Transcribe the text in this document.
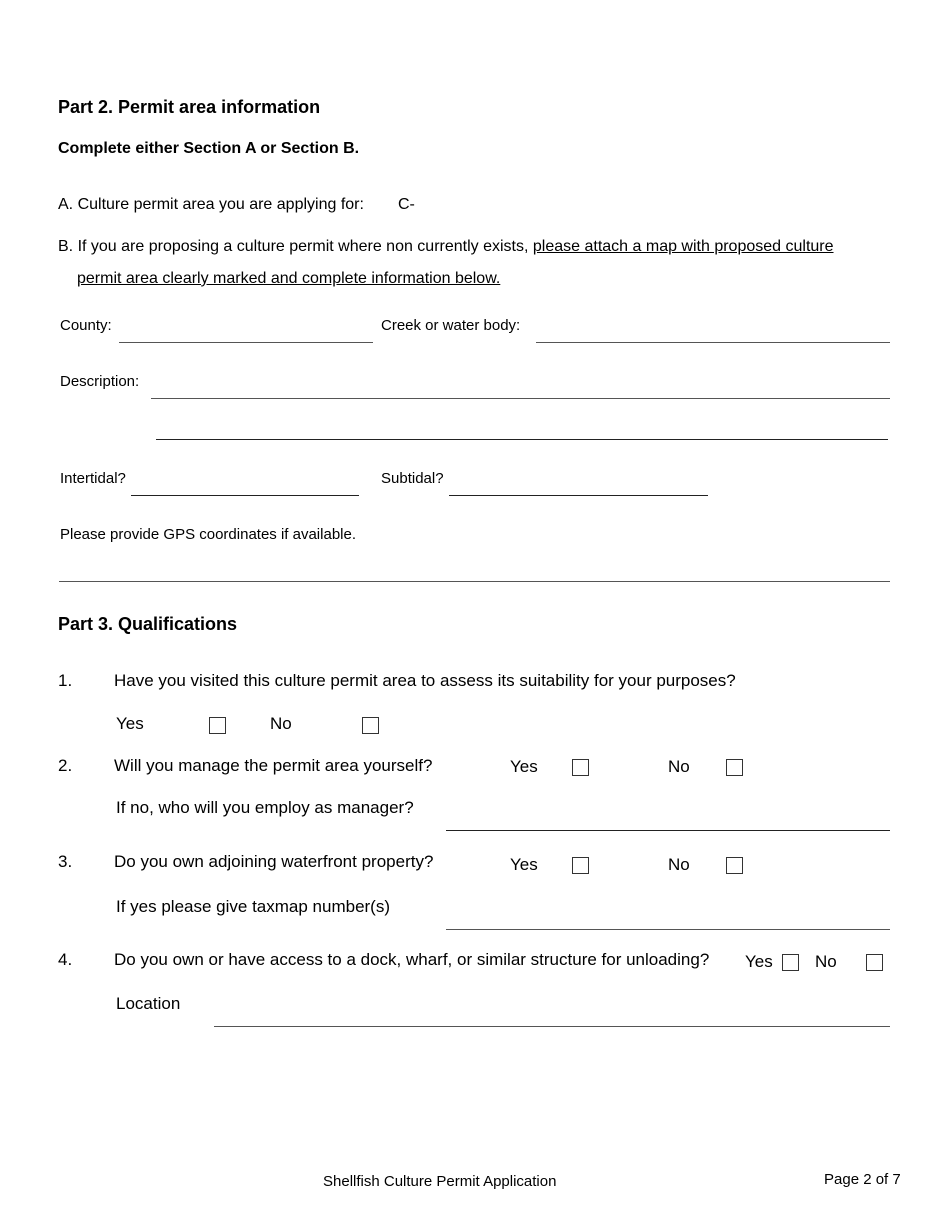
Part 2. Permit area information
Complete either Section A or Section B.
A. Culture permit area you are applying for: C-
B. If you are proposing a culture permit where non currently exists, please attach a map with proposed culture
permit area clearly marked and complete information below.
County:	Creek or water body:
Description:
Intertidal?	Subtidal?
Please provide GPS coordinates if available.
Part 3. Qualifications
1. Have you visited this culture permit area to assess its suitability for your purposes?
Yes	No
2. Will you manage the permit area yourself?	Yes	No
If no, who will you employ as manager?
3. Do you own adjoining waterfront property?	Yes	No
If yes please give taxmap number(s)
4. Do you own or have access to a dock, wharf, or similar structure for unloading? Yes No
Location
Shellfish Culture Permit Application	Page 2 of 7
